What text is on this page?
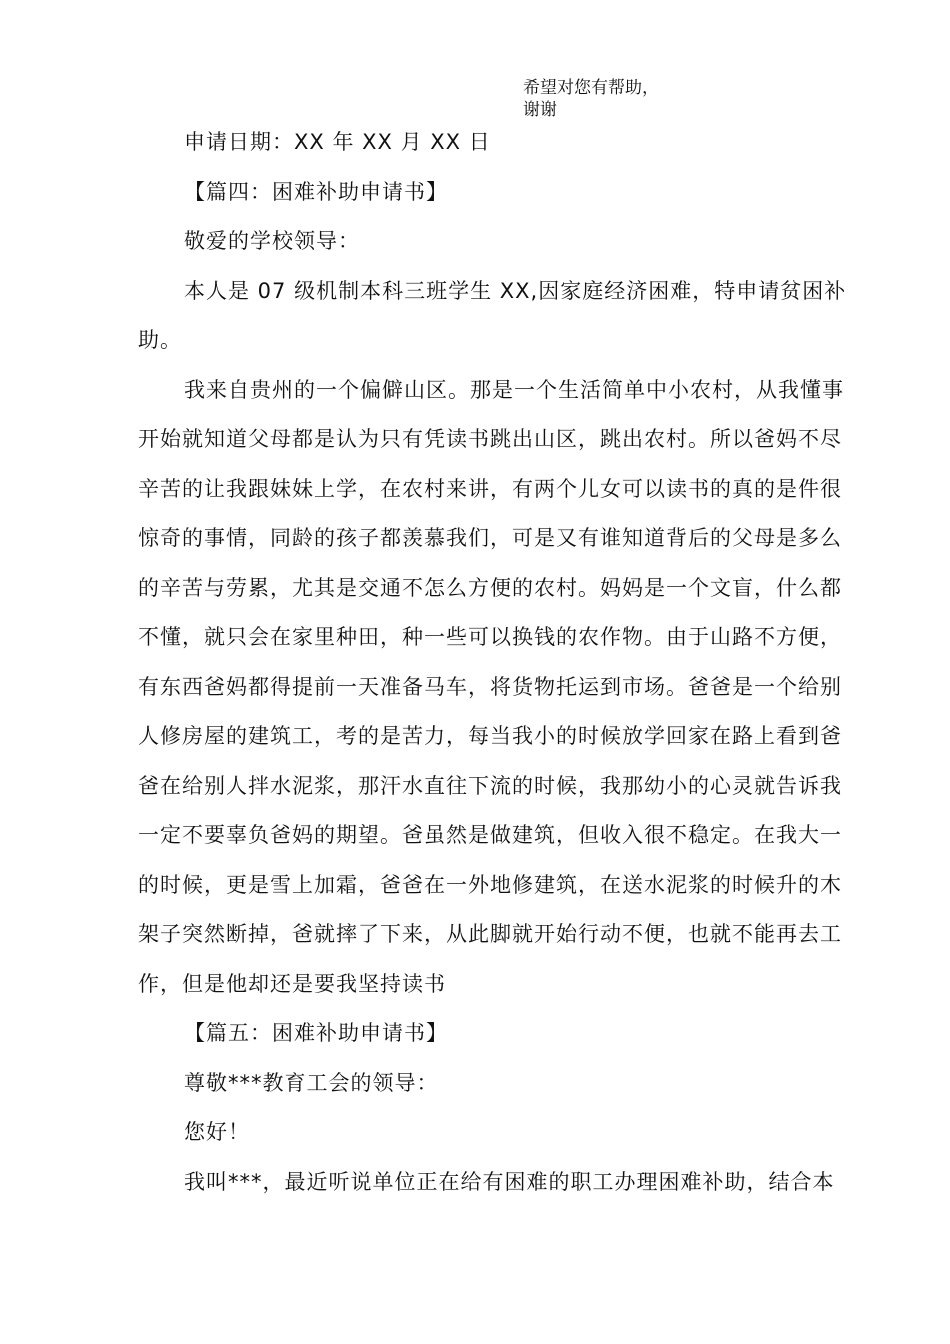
希望对您有帮助，
谢谢

申请日期：XX 年 XX 月 XX 日

【篇四：困难补助申请书】

敬爱的学校领导：

本人是 07 级机制本科三班学生 XX,因家庭经济困难，特申请贫困补

助。

我来自贵州的一个偏僻山区。那是一个生活简单中小农村，从我懂事

开始就知道父母都是认为只有凭读书跳出山区，跳出农村。所以爸妈不尽

辛苦的让我跟妹妹上学，在农村来讲，有两个儿女可以读书的真的是件很

惊奇的事情，同龄的孩子都羡慕我们，可是又有谁知道背后的父母是多么

的辛苦与劳累，尤其是交通不怎么方便的农村。妈妈是一个文盲，什么都

不懂，就只会在家里种田，种一些可以换钱的农作物。由于山路不方便，

有东西爸妈都得提前一天准备马车，将货物托运到市场。爸爸是一个给别

人修房屋的建筑工，考的是苦力，每当我小的时候放学回家在路上看到爸

爸在给别人拌水泥浆，那汗水直往下流的时候，我那幼小的心灵就告诉我

一定不要辜负爸妈的期望。爸虽然是做建筑，但收入很不稳定。在我大一

的时候，更是雪上加霜，爸爸在一外地修建筑，在送水泥浆的时候升的木

架子突然断掉，爸就摔了下来，从此脚就开始行动不便，也就不能再去工

作，但是他却还是要我坚持读书

【篇五：困难补助申请书】

尊敬***教育工会的领导：

您好！

我叫***，最近听说单位正在给有困难的职工办理困难补助，结合本
